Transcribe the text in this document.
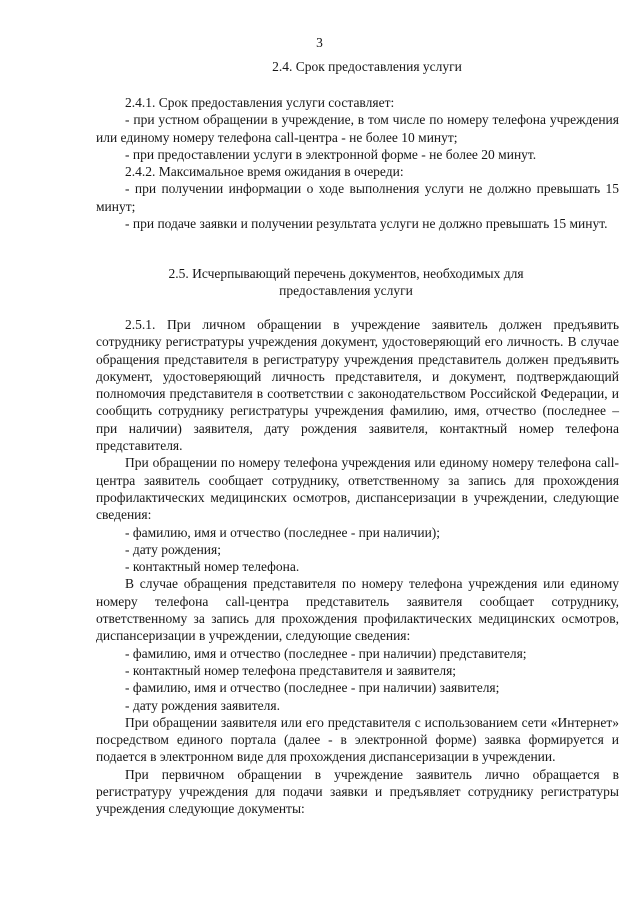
3
2.4. Срок предоставления услуги

2.4.1. Срок предоставления услуги составляет:

- при устном обращении в учреждение, в том числе по номеру телефона учреждения или единому номеру телефона call-центра - не более 10 минут;

- при предоставлении услуги в электронной форме - не более 20 минут.

2.4.2. Максимальное время ожидания в очереди:

- при получении информации о ходе выполнения услуги не должно превышать 15 минут;

- при подаче заявки и получении результата услуги не должно превышать 15 минут.

2.5. Исчерпывающий перечень документов, необходимых для
предоставления услуги

2.5.1. При личном обращении в учреждение заявитель должен предъявить сотруднику регистратуры учреждения документ, удостоверяющий его личность. В случае обращения представителя в регистратуру учреждения представитель должен предъявить документ, удостоверяющий личность представителя, и документ, подтверждающий полномочия представителя в соответствии с законодательством Российской Федерации, и сообщить сотруднику регистратуры учреждения фамилию, имя, отчество (последнее – при наличии) заявителя, дату рождения заявителя, контактный номер телефона представителя.

При обращении по номеру телефона учреждения или единому номеру телефона call-центра заявитель сообщает сотруднику, ответственному за запись для прохождения профилактических медицинских осмотров, диспансеризации в учреждении, следующие сведения:

- фамилию, имя и отчество (последнее - при наличии);

- дату рождения;

- контактный номер телефона.

В случае обращения представителя по номеру телефона учреждения или единому номеру телефона call-центра представитель заявителя сообщает сотруднику, ответственному за запись для прохождения профилактических медицинских осмотров, диспансеризации в учреждении, следующие сведения:

- фамилию, имя и отчество (последнее - при наличии) представителя;

- контактный номер телефона представителя и заявителя;

- фамилию, имя и отчество (последнее - при наличии) заявителя;

- дату рождения заявителя.

При обращении заявителя или его представителя с использованием сети «Интернет» посредством единого портала (далее - в электронной форме) заявка формируется и подается в электронном виде для прохождения диспансеризации в учреждении.

При первичном обращении в учреждение заявитель лично обращается в регистратуру учреждения для подачи заявки и предъявляет сотруднику регистратуры учреждения следующие документы:
